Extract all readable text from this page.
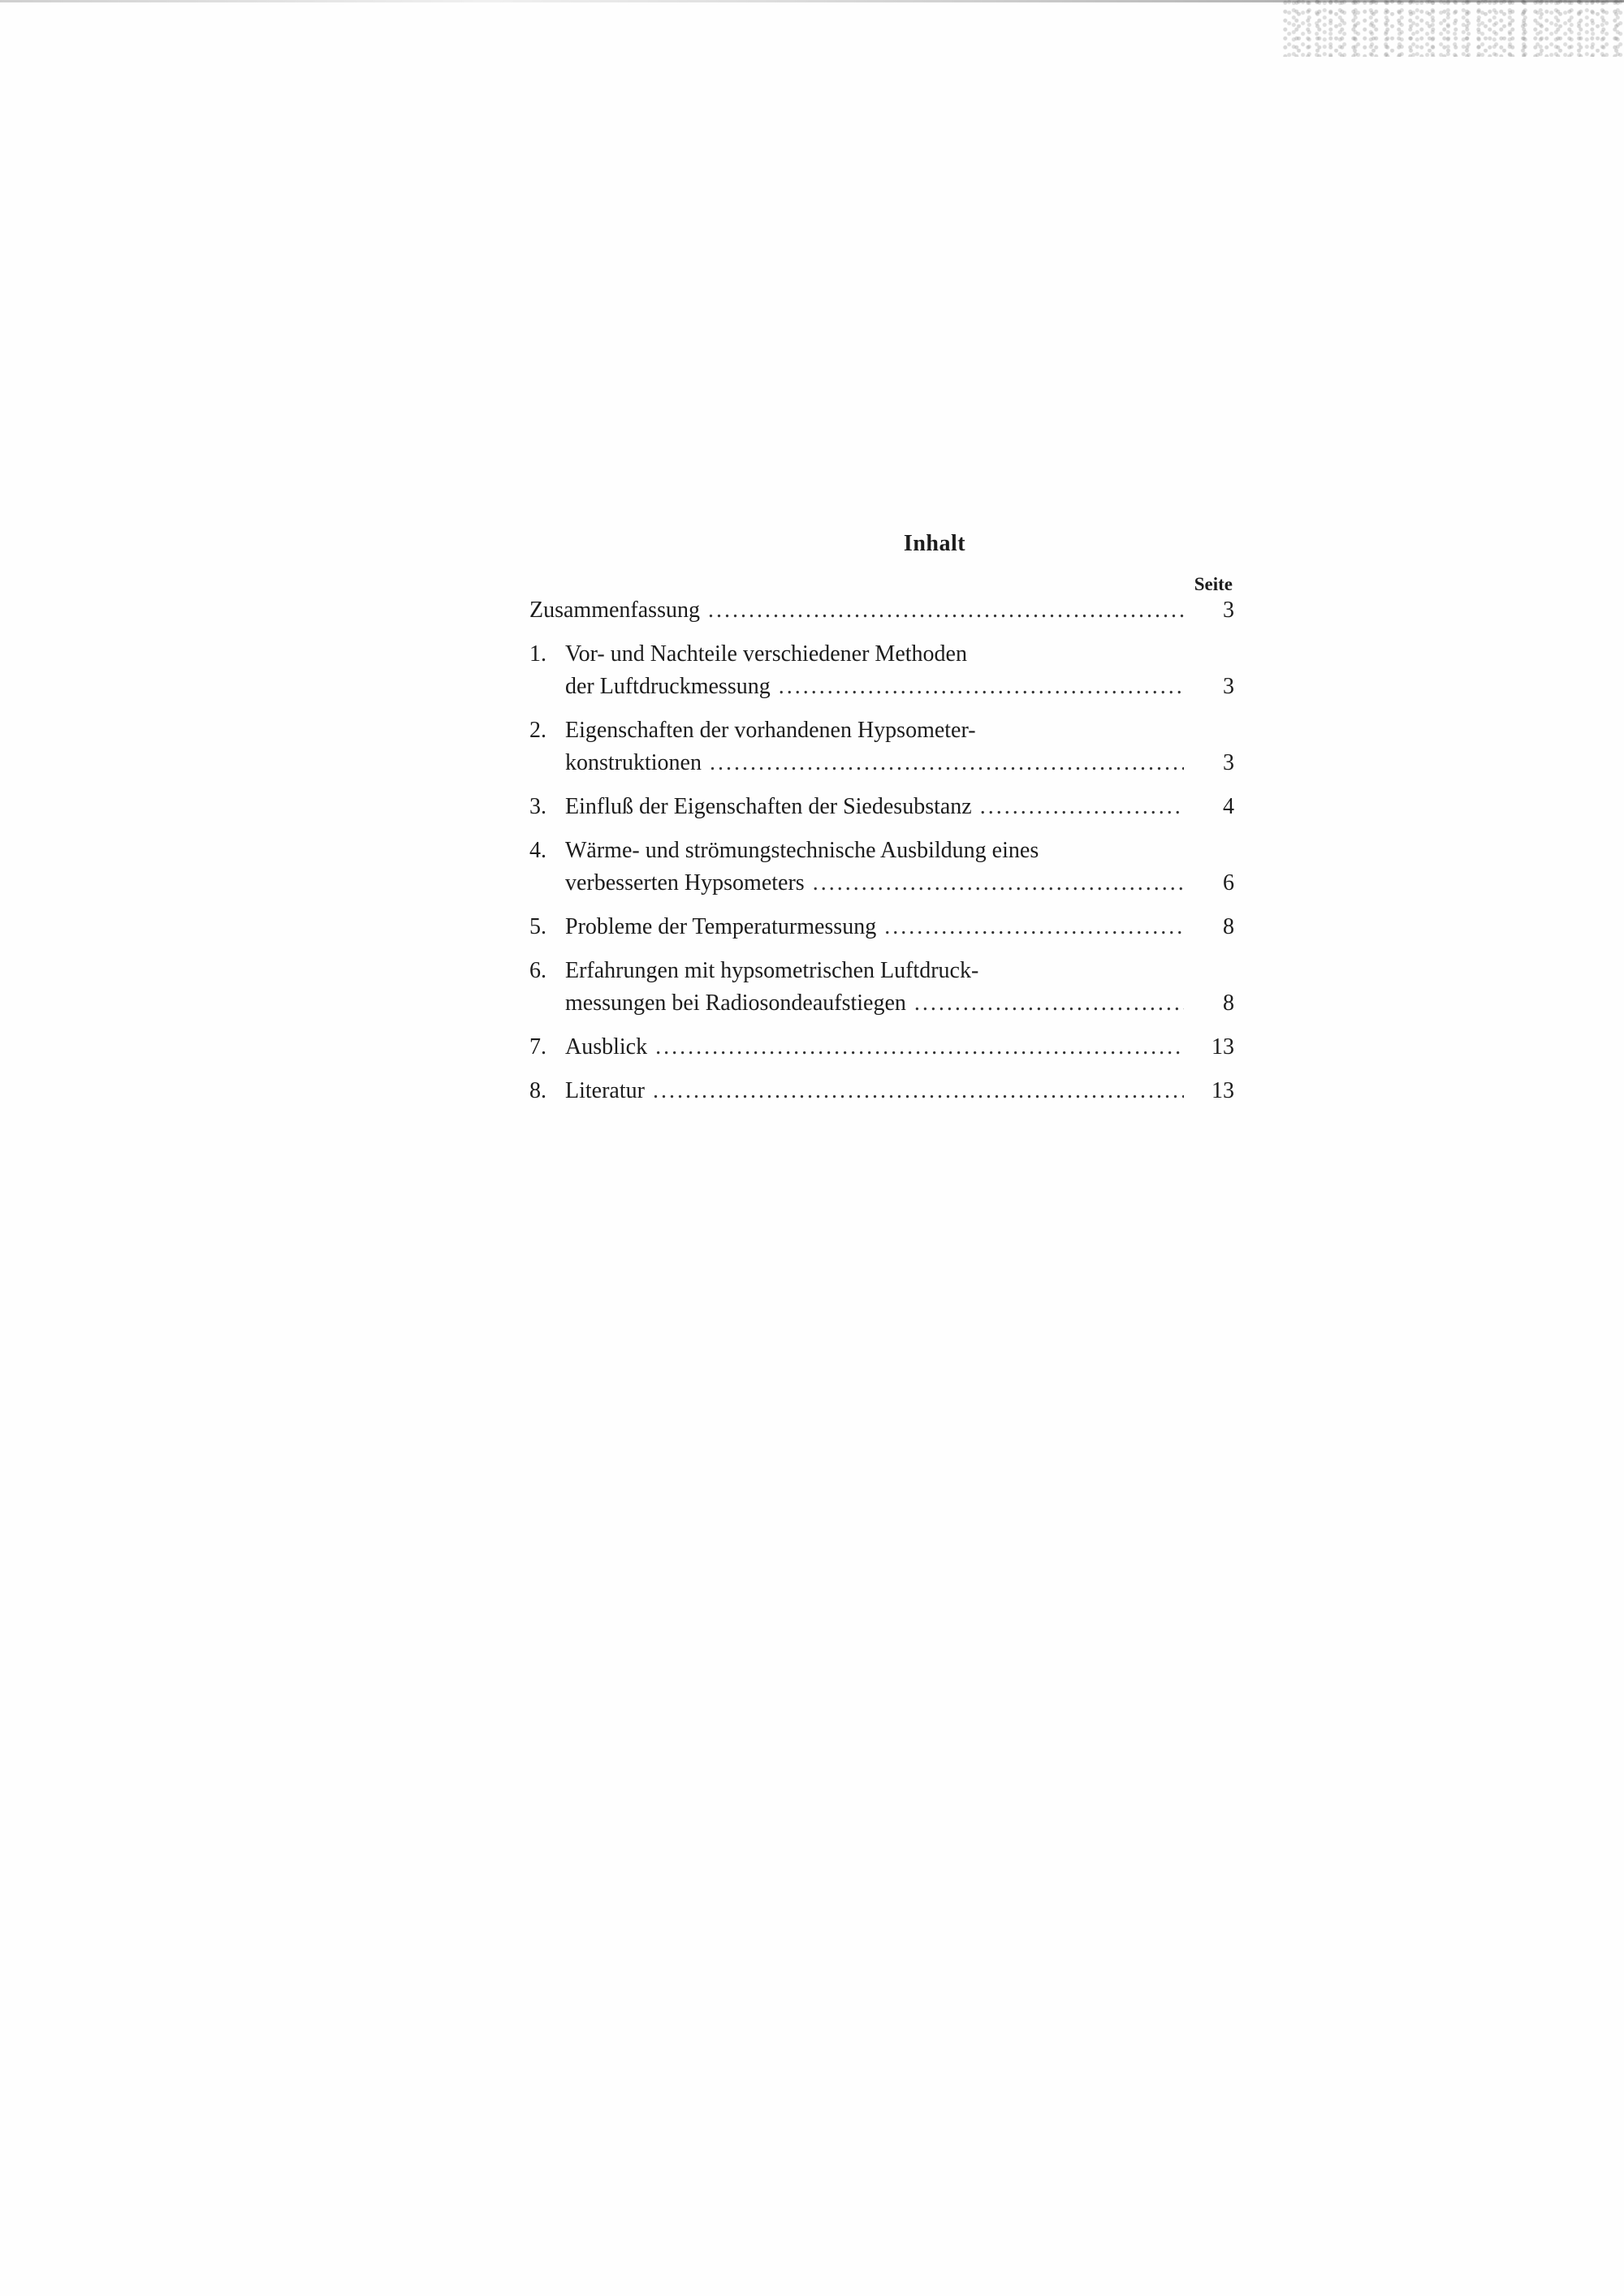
Inhalt
Seite
Zusammenfassung .....	3
1. Vor- und Nachteile verschiedener Methoden
der Luftdruckmessung .....	3
2. Eigenschaften der vorhandenen Hypsometer-
konstruktionen .....	3
3. Einfluß der Eigenschaften der Siedesubstanz .....	4
4. Wärme- und strömungstechnische Ausbildung eines
verbesserten Hypsometers .....	6
5. Probleme der Temperaturmessung .....	8
6. Erfahrungen mit hypsometrischen Luftdruck-
messungen bei Radiosondeaufstiegen .....	8
7. Ausblick .....	13
8. Literatur .....	13
